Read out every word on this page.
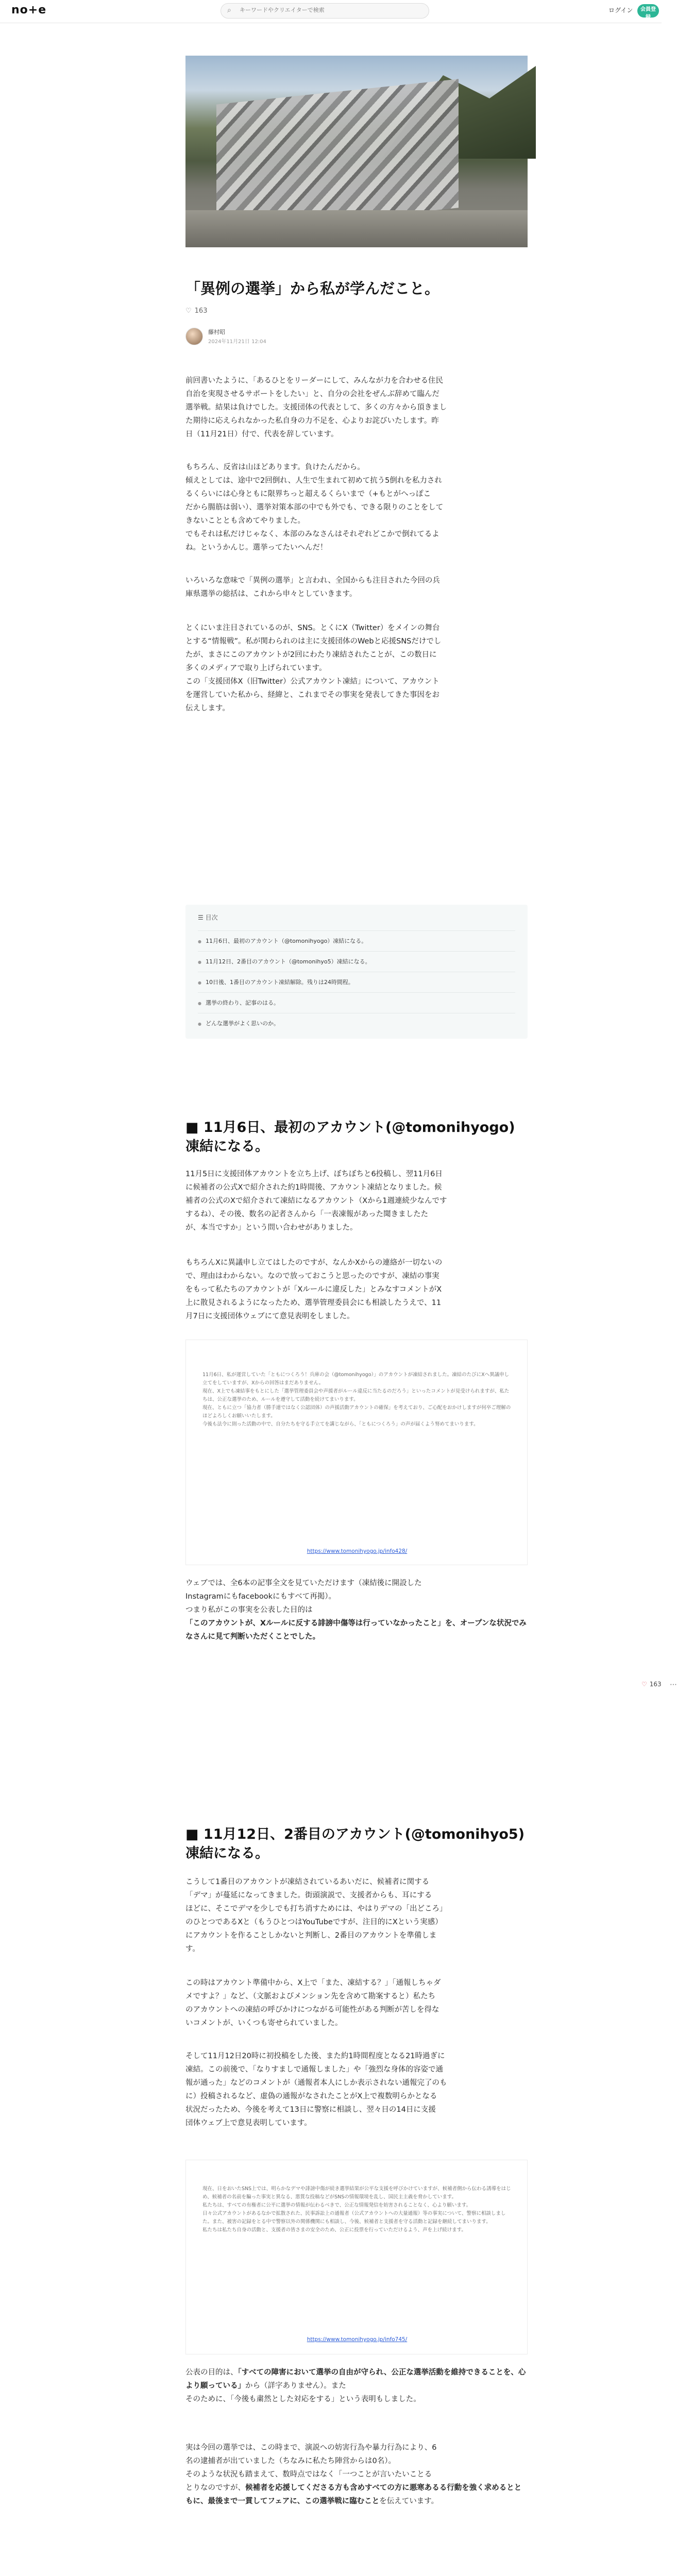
no+e	⌕
キーワードやクリエイターで検索	ログイン	会員登録
「異例の選挙」から私が学んだこと。
♡ 163
藤村昭
2024年11月21日 12:04
前回書いたように、「あるひとをリーダーにして、みんなが力を合わせる住民
自治を実現させるサポートをしたい」と、自分の会社をぜんぶ辞めて臨んだ
選挙戦。結果は負けでした。支援団体の代表として、多くの方々から頂きまし
た期待に応えられなかった私自身の力不足を、心よりお詫びいたします。昨
日（11月21日）付で、代表を辞しています。
もちろん、反省は山ほどあります。負けたんだから。
傾えとしては、途中で2回倒れ、人生で生まれて初めて抗う5倒れを私力され
るくらいには心身ともに限界ちっと超えるくらいまで（+もとがへっぽこ
だから腸筋は弱い）、選挙対策本部の中でも外でも、できる限りのことをして
きないこととも含めてやりました。
でもそれは私だけじゃなく、本部のみなさんはそれぞれどこかで倒れてるよ
ね。というかんじ。選挙ってたいへんだ！
いろいろな意味で「異例の選挙」と言われ、全国からも注目された今回の兵
庫県選挙の総括は、これから申々としていきます。
とくにいま注目されているのが、SNS。とくにX（Twitter）をメインの舞台
とする“情報戦”。私が関わられのは主に支援団体のWebと応援SNSだけでし
たが、まさにこのアカウントが2回にわたり凍結されたことが、この数日に
多くのメディアで取り上げられています。
この「支援団体X（旧Twitter）公式アカウント凍結」について、アカウント
を運営していた私から、経緯と、これまでその事実を発表してきた事因をお
伝えします。
☰ 目次
● 11月6日、最初のアカウント（@tomonihyogo）凍結になる。
● 11月12日、2番目のアカウント（@tomonihyo5）凍結になる。
● 10日後、1番目のアカウント凍結解除。残りは24時間程。
● 選挙の終わり、記事のはる。
● どんな選挙がよく思いのか。
■ 11月6日、最初のアカウント(@tomonihyogo) 凍結になる。
11月5日に支援団体アカウントを立ち上げ、ぼちぼちと6投稿し、翌11月6日
に候補者の公式Xで紹介された約1時間後、アカウント凍結となりました。候
補者の公式のXで紹介されて凍結になるアカウント（Xから1週連続少なんです
するね）、その後、数名の記者さんから「一表凍報があった聞きましたた
が、本当ですか」という問い合わせがありました。
もちろんXに異議申し立てはしたのですが、なんかXからの連絡が一切ないの
で、理由はわからない。なので放っておこうと思ったのですが、凍結の事実
をもって私たちのアカウントが「Xルールに違反した」とみなすコメントがX
上に散見されるようになったため、選挙管理委員会にも相談したうえで、11
月7日に支援団体ウェブにて意見表明をしました。
11月6日、私が運営していた「ともにつくろう！兵庫の会（@tomonihyogo）」のアカウントが凍結されました。凍結のたびにXへ異議申し立てをしていますが、Xからの回答はまだありません。
現在、X上でも凍結事をもとにした「選挙管理委員会や声援者がルール違反に当たるのだろう」といったコメントが見受けられますが、私たちは、公正な選挙のため、ルールを遵守して活動を続けてまいります。
現在、ともに立つ「協力者（勝手連ではなく公認団体）の声援活動アカウントの確保」を考えており、ご心配をおかけしますが何卒ご理解のほどよろしくお願いいたします。
今後も法令に則った活動の中で、自分たちを守る手立てを講じながら、「ともにつくろう」の声が届くよう努めてまいります。
https://www.tomonihyogo.jp/info428/
ウェブでは、全6本の記事全文を見ていただけます（凍結後に開設した
Instagramにもfacebookにもすべて再掲）。
つまり私がこの事実を公表した目的は
「このアカウントが、Xルールに反する誹謗中傷等は行っていなかったこと」を、オープンな状況でみなさんに見て判断いただくことでした。
■ 11月12日、2番目のアカウント(@tomonihyo5) 凍結になる。
こうして1番目のアカウントが凍結されているあいだに、候補者に関する
「デマ」が蔓延になってきました。街頭演説で、支援者からも、耳にする
ほどに、そこでデマを少しでも打ち消すためには、やはりデマの「出どころ」
のひとつであるXと（もうひとつはYouTubeですが、注目的にXという実感）
にアカウントを作ることしかないと判断し、2番目のアカウントを準備しま
す。
この時はアカウント準備中から、X上で「また、凍結する？」「通報しちゃダ
メですよ？」など、（文脈およびメンション先を含めて勘案すると）私たち
のアカウントへの凍結の呼びかけにつながる可能性がある判断が苦しを得な
いコメントが、いくつも寄せられていました。
そして11月12日20時に初投稿をした後、また約1時間程度となる21時過ぎに
凍結。この前後で、「なりすましで通報しました」や「強烈な身体的容姿で通
報が通った」などのコメントが（通報者本人にしか表示されない通報完了のも
に）投稿されるなど、虚偽の通報がなされたことがX上で複数明らかとなる
状況だったため、今後を考えて13日に警察に相談し、翌々日の14日に支援
団体ウェブ上で意見表明しています。
現在、日をおいたSNS上では、明らかなデマや誹謗中傷が続き選挙結果が公平な支援を呼びかけていますが、候補者側から伝わる誘導をはじめ、候補者の名前を騙った事実と異なる、悪質な投稿などがSNSの情報環境を乱し、国民主主義を脅かしています。
私たちは、すべての有権者に公平に選挙の情報が伝わるべきで、公正な情報発信を妨害されることなく、心より願います。
日々公式アカウントがあるなかで拡散された、民事訴訟上の通報者（公式アカウントへの大量通報）等の事実について、警察に相談しました。また、被害の記録をとる中で警察以外の関係機関にも相談し、今後、候補者と支援者を守る活動と記録を継続してまいります。
私たちは私たち自身の活動と、支援者の皆さまの安全のため、公正に投票を行っていただけるよう、声を上げ続けます。
https://www.tomonihyogo.jp/info745/
公表の目的は、「すべての障害において選挙の自由が守られ、公正な選挙活動を維持できることを、心より願っている」から（詳字ありません）。また
そのために、「今後も粛然とした対応をする」という表明もしました。
実は今回の選挙では、この時まで、演説への妨害行為や暴力行為により、6
名の逮捕者が出ていました（ちなみに私たち陣営からは0名）。
そのような状況も踏まえて、数時点ではなく「一つことが言いたいことる
とりなのですが、候補者を応援してくださる方も含めすべての方に悪寒あるる行動を強く求めるとともに、最後まで一貫してフェアに、この選挙戦に臨むことを伝えています。
♡ 163 ⋯
